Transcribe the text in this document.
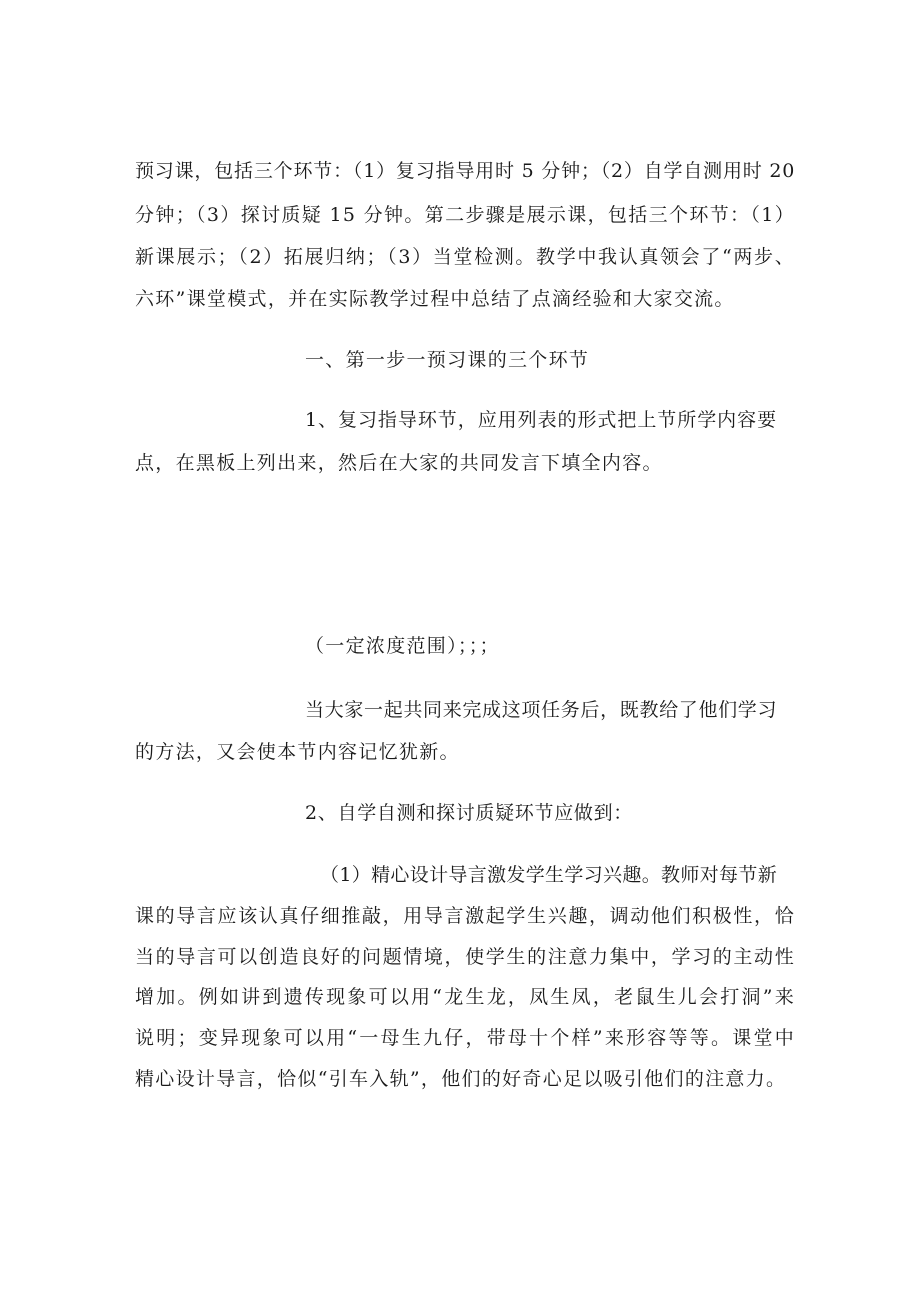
预习课，包括三个环节：（1）复习指导用时 5 分钟；（2）自学自测用时 20
分钟；（3）探讨质疑 15 分钟。第二步骤是展示课，包括三个环节：（1）
新课展示；（2）拓展归纳；（3）当堂检测。教学中我认真领会了“两步、
六环”课堂模式，并在实际教学过程中总结了点滴经验和大家交流。
一、第一步一预习课的三个环节
1、复习指导环节，应用列表的形式把上节所学内容要
点，在黑板上列出来，然后在大家的共同发言下填全内容。
（一定浓度范围）；；；
当大家一起共同来完成这项任务后，既教给了他们学习
的方法，又会使本节内容记忆犹新。
2、自学自测和探讨质疑环节应做到：
（1）精心设计导言激发学生学习兴趣。教师对每节新
课的导言应该认真仔细推敲，用导言激起学生兴趣，调动他们积极性，恰
当的导言可以创造良好的问题情境，使学生的注意力集中，学习的主动性
增加。例如讲到遗传现象可以用“龙生龙，凤生凤，老鼠生儿会打洞”来
说明；变异现象可以用“一母生九仔，带母十个样”来形容等等。课堂中
精心设计导言，恰似“引车入轨”，他们的好奇心足以吸引他们的注意力。
